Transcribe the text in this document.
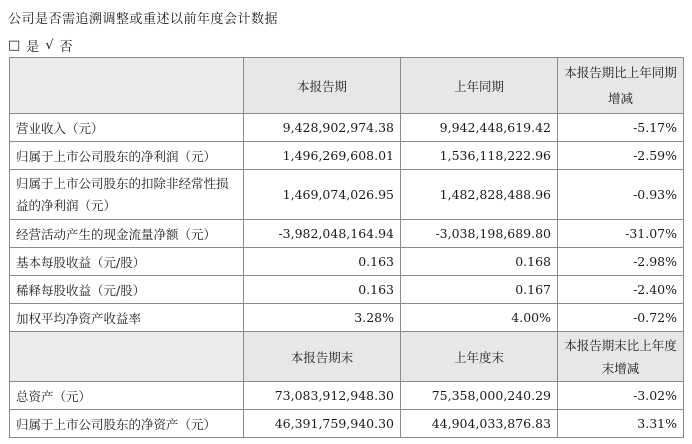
公司是否需追溯调整或重述以前年度会计数据
□ 是 √ 否
	本报告期	上年同期	本报告期比上年同期增减
营业收入（元）	9,428,902,974.38	9,942,448,619.42	-5.17%
归属于上市公司股东的净利润（元）	1,496,269,608.01	1,536,118,222.96	-2.59%
归属于上市公司股东的扣除非经常性损益的净利润（元）	1,469,074,026.95	1,482,828,488.96	-0.93%
经营活动产生的现金流量净额（元）	-3,982,048,164.94	-3,038,198,689.80	-31.07%
基本每股收益（元/股）	0.163	0.168	-2.98%
稀释每股收益（元/股）	0.163	0.167	-2.40%
加权平均净资产收益率	3.28%	4.00%	-0.72%
	本报告期末	上年度末	本报告期末比上年度末增减
总资产（元）	73,083,912,948.30	75,358,000,240.29	-3.02%
归属于上市公司股东的净资产（元）	46,391,759,940.30	44,904,033,876.83	3.31%
